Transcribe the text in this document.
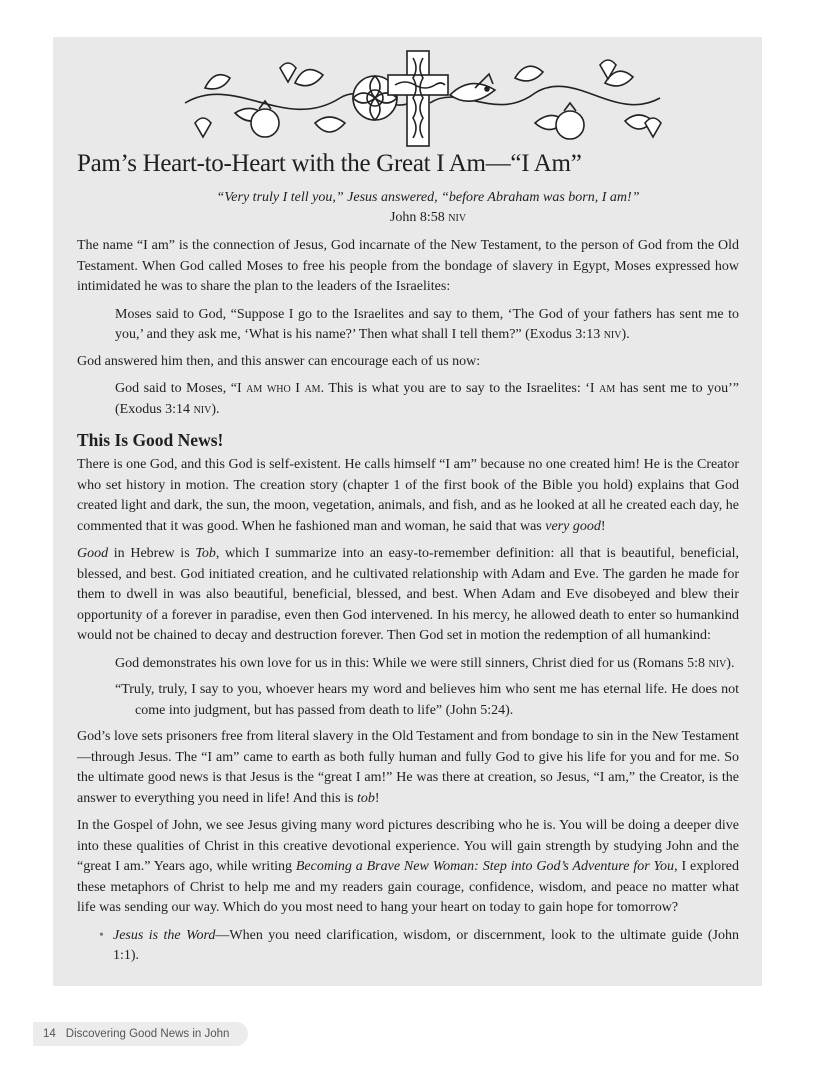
Pam’s Heart-to-Heart with the Great I Am—“I Am”

“Very truly I tell you,” Jesus answered, “before Abraham was born, I am!”

John 8:58 niv

The name “I am” is the connection of Jesus, God incarnate of the New Testament, to the person of God from the Old Testament. When God called Moses to free his people from the bondage of slavery in Egypt, Moses expressed how intimidated he was to share the plan to the leaders of the Israelites:

Moses said to God, “Suppose I go to the Israelites and say to them, ‘The God of your fathers has sent me to you,’ and they ask me, ‘What is his name?’ Then what shall I tell them?” (Exodus 3:13 niv).

God answered him then, and this answer can encourage each of us now:

God said to Moses, “I am who I am. This is what you are to say to the Israelites: ‘I am has sent me to you’” (Exodus 3:14 niv).

This Is Good News!

There is one God, and this God is self-existent. He calls himself “I am” because no one created him! He is the Creator who set history in motion. The creation story (chapter 1 of the first book of the Bible you hold) explains that God created light and dark, the sun, the moon, vegetation, animals, and fish, and as he looked at all he created each day, he commented that it was good. When he fashioned man and woman, he said that was very good!

Good in Hebrew is Tob, which I summarize into an easy-to-remember definition: all that is beautiful, beneficial, blessed, and best. God initiated creation, and he cultivated relationship with Adam and Eve. The garden he made for them to dwell in was also beautiful, beneficial, blessed, and best. When Adam and Eve disobeyed and blew their opportunity of a forever in paradise, even then God intervened. In his mercy, he allowed death to enter so humankind would not be chained to decay and destruction forever. Then God set in motion the redemption of all humankind:

God demonstrates his own love for us in this: While we were still sinners, Christ died for us (Romans 5:8 niv).

“Truly, truly, I say to you, whoever hears my word and believes him who sent me has eternal life. He does not come into judgment, but has passed from death to life” (John 5:24).

God’s love sets prisoners free from literal slavery in the Old Testament and from bondage to sin in the New Testament—through Jesus. The “I am” came to earth as both fully human and fully God to give his life for you and for me. So the ultimate good news is that Jesus is the “great I am!” He was there at creation, so Jesus, “I am,” the Creator, is the answer to everything you need in life! And this is tob!

In the Gospel of John, we see Jesus giving many word pictures describing who he is. You will be doing a deeper dive into these qualities of Christ in this creative devotional experience. You will gain strength by studying John and the “great I am.” Years ago, while writing Becoming a Brave New Woman: Step into God’s Adventure for You, I explored these metaphors of Christ to help me and my readers gain courage, confidence, wisdom, and peace no matter what life was sending our way. Which do you most need to hang your heart on today to gain hope for tomorrow?

• Jesus is the Word—When you need clarification, wisdom, or discernment, look to the ultimate guide (John 1:1).
14 Discovering Good News in John
